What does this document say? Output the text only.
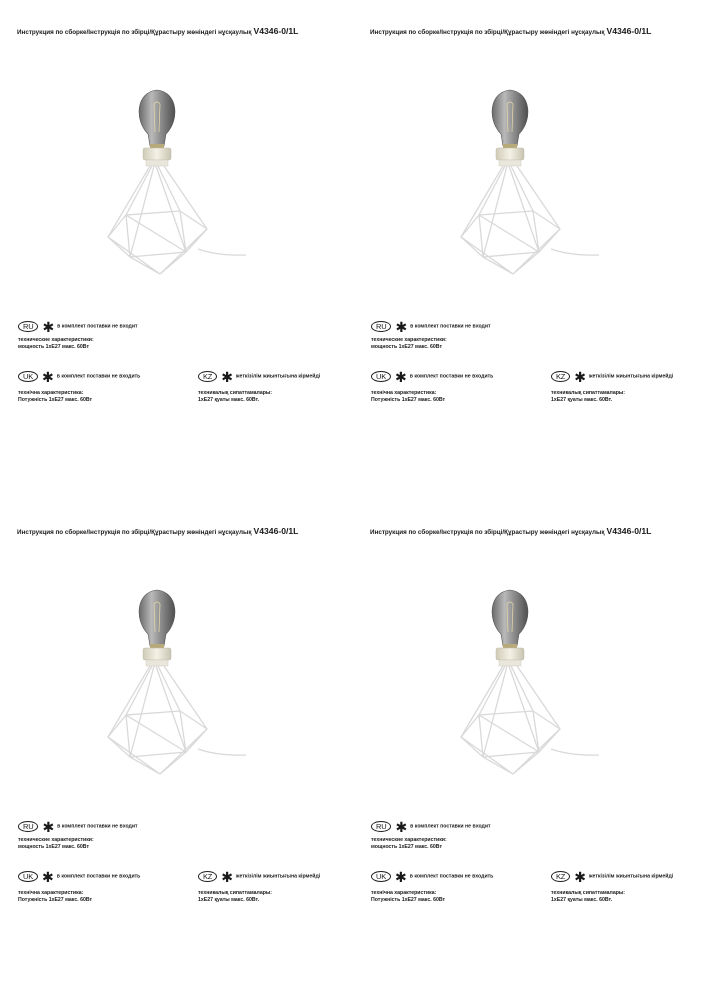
Инструкция по сборке/Інструкція по збірці/Құрастыру жөніндегі нұсқаулық V4346-0/1L
RU ✱ в комплект поставки не входит
технические характеристики:
мощность 1xE27 макс. 60Вт
UK ✱ в комплект поставки не входить
технічна характеристика:
Потужність 1xE27 макс. 60Вт
KZ ✱ жеткізілім жиынтығына кірмейді
техникалық сипаттамалары:
1xE27 қуаты макс. 60Вт.
Инструкция по сборке/Інструкція по збірці/Құрастыру жөніндегі нұсқаулық V4346-0/1L
RU ✱ в комплект поставки не входит
технические характеристики:
мощность 1xE27 макс. 60Вт
UK ✱ в комплект поставки не входить
технічна характеристика:
Потужність 1xE27 макс. 60Вт
KZ ✱ жеткізілім жиынтығына кірмейді
техникалық сипаттамалары:
1xE27 қуаты макс. 60Вт.
Инструкция по сборке/Інструкція по збірці/Құрастыру жөніндегі нұсқаулық V4346-0/1L
RU ✱ в комплект поставки не входит
технические характеристики:
мощность 1xE27 макс. 60Вт
UK ✱ в комплект поставки не входить
технічна характеристика:
Потужність 1xE27 макс. 60Вт
KZ ✱ жеткізілім жиынтығына кірмейді
техникалық сипаттамалары:
1xE27 қуаты макс. 60Вт.
Инструкция по сборке/Інструкція по збірці/Құрастыру жөніндегі нұсқаулық V4346-0/1L
RU ✱ в комплект поставки не входит
технические характеристики:
мощность 1xE27 макс. 60Вт
UK ✱ в комплект поставки не входить
технічна характеристика:
Потужність 1xE27 макс. 60Вт
KZ ✱ жеткізілім жиынтығына кірмейді
техникалық сипаттамалары:
1xE27 қуаты макс. 60Вт.
